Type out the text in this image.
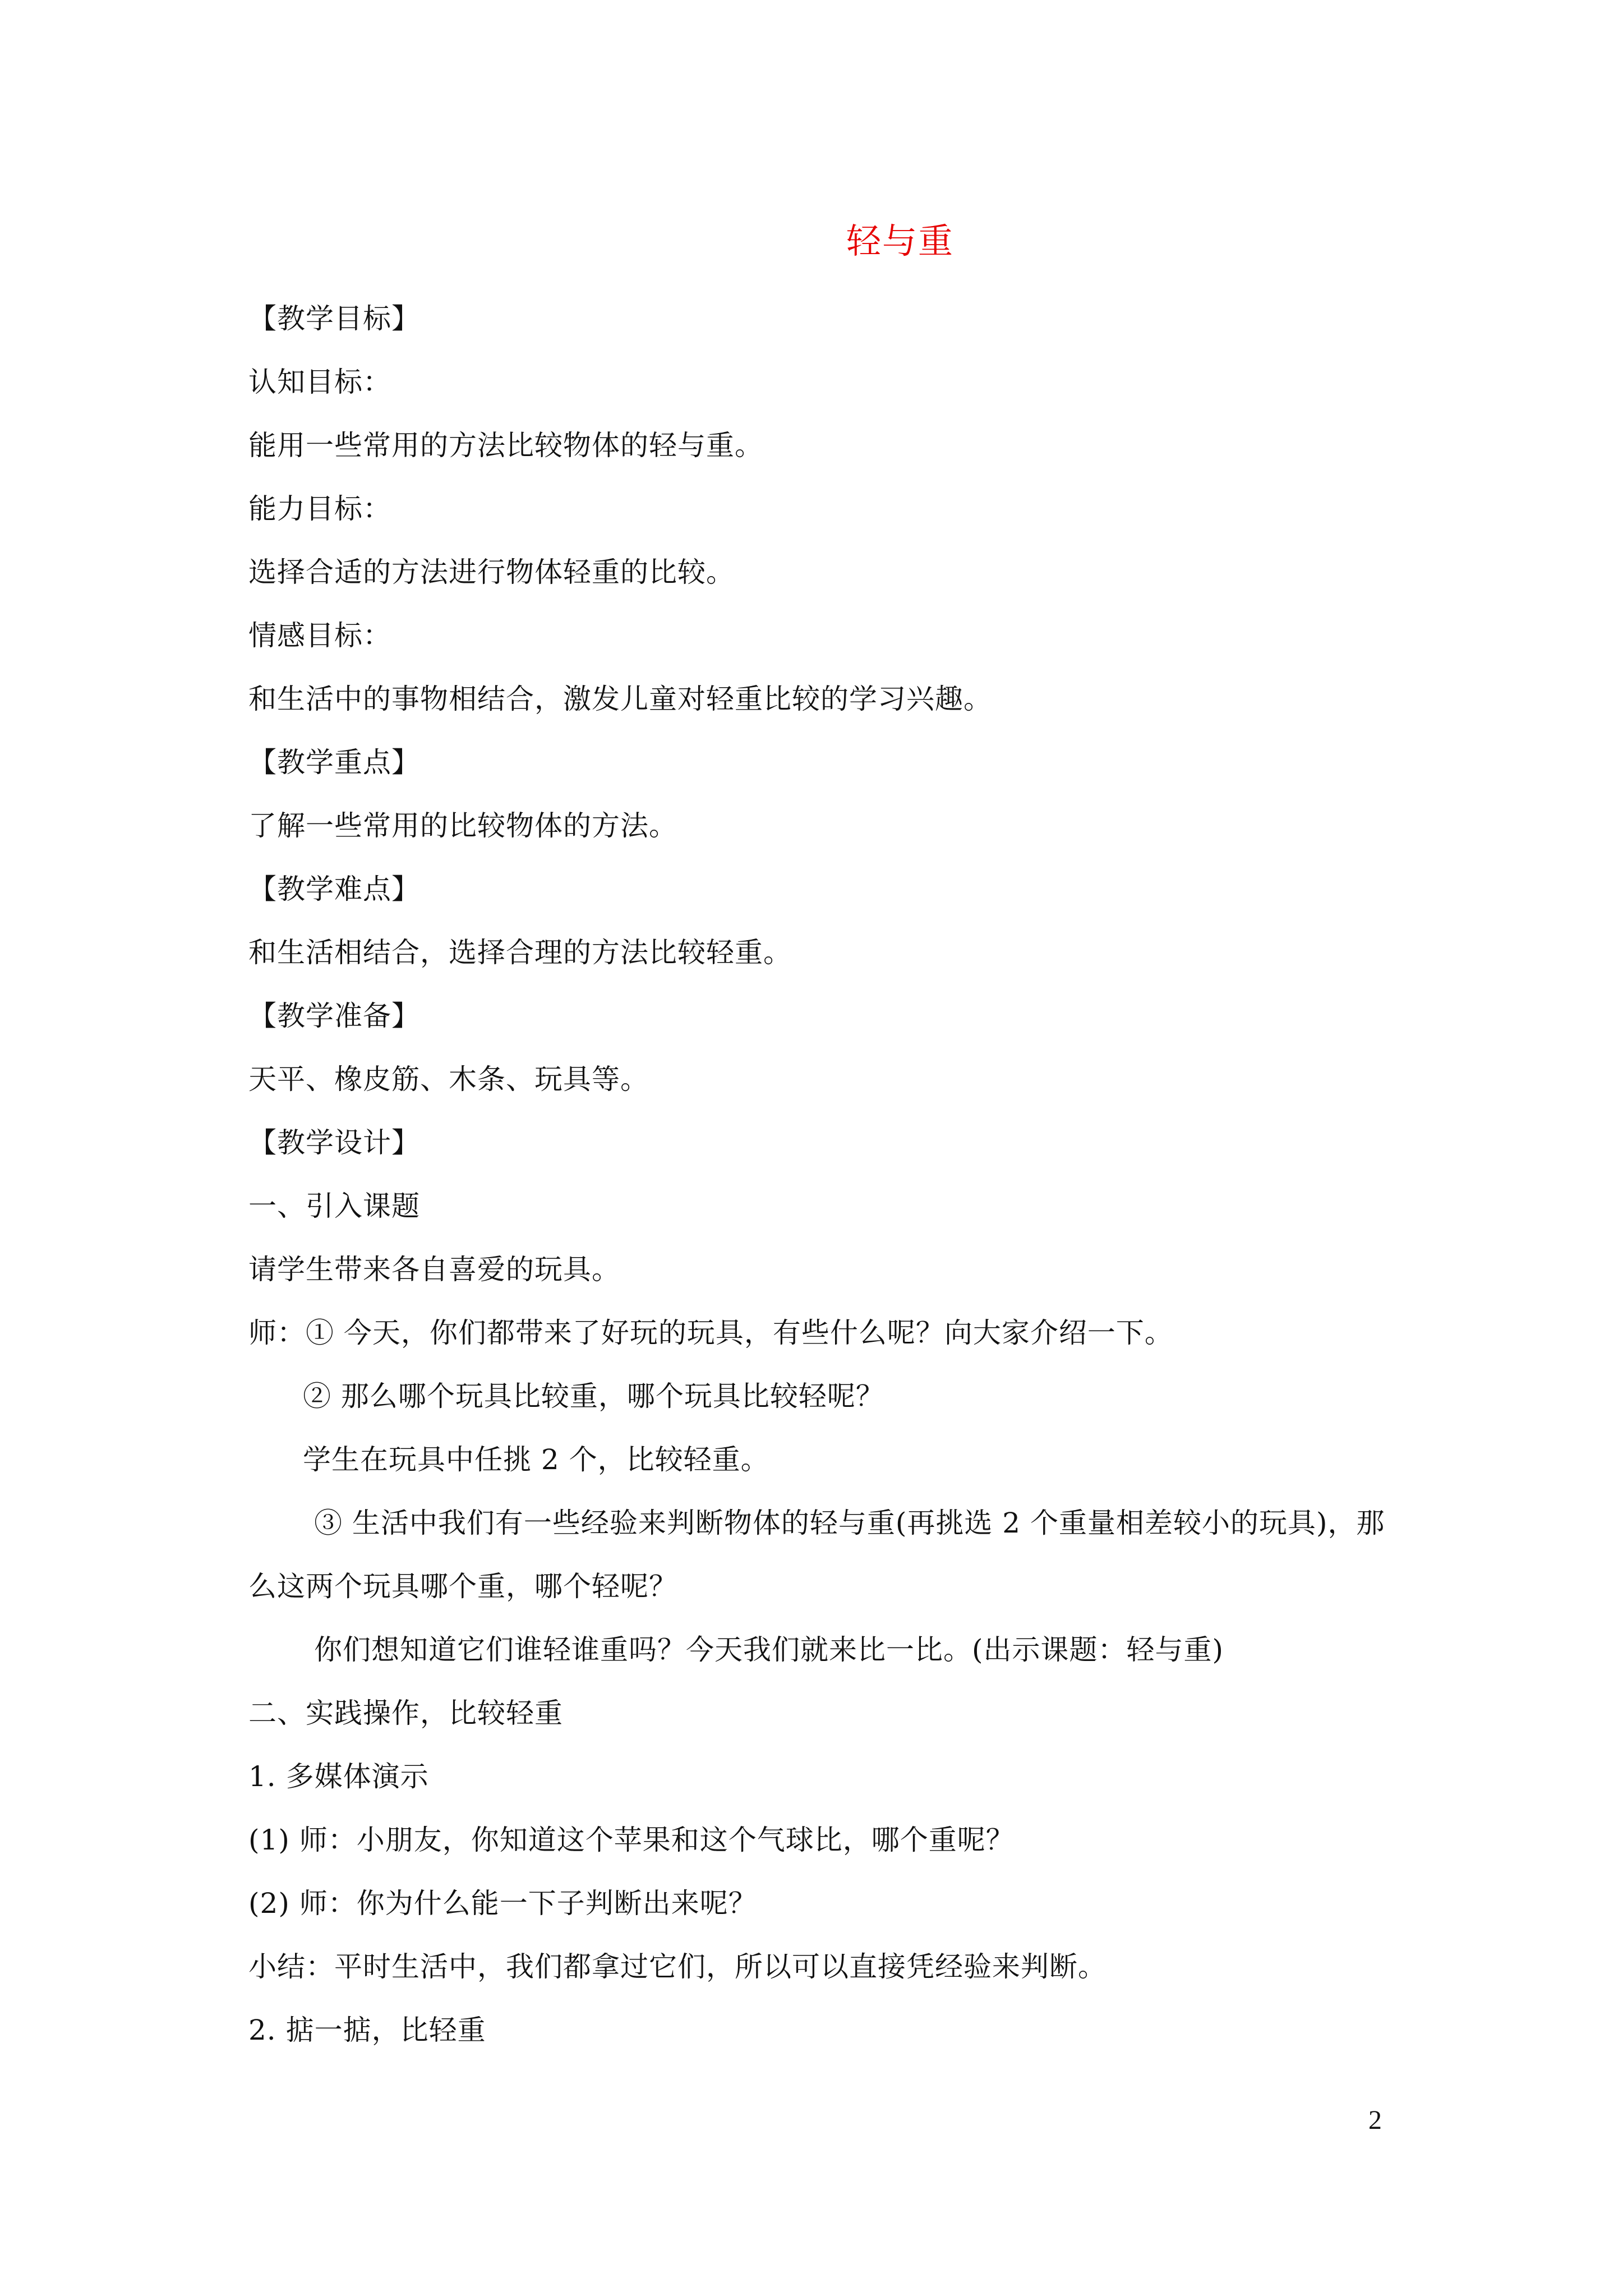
轻与重
【教学目标】
认知目标：
能用一些常用的方法比较物体的轻与重。
能力目标：
选择合适的方法进行物体轻重的比较。
情感目标：
和生活中的事物相结合，激发儿童对轻重比较的学习兴趣。
【教学重点】
了解一些常用的比较物体的方法。
【教学难点】
和生活相结合，选择合理的方法比较轻重。
【教学准备】
天平、橡皮筋、木条、玩具等。
【教学设计】
一、引入课题
请学生带来各自喜爱的玩具。
师：① 今天，你们都带来了好玩的玩具，有些什么呢？向大家介绍一下。
② 那么哪个玩具比较重，哪个玩具比较轻呢？
学生在玩具中任挑 2 个，比较轻重。
③ 生活中我们有一些经验来判断物体的轻与重(再挑选 2 个重量相差较小的玩具)，那
么这两个玩具哪个重，哪个轻呢？
你们想知道它们谁轻谁重吗？今天我们就来比一比。(出示课题：轻与重)
二、实践操作，比较轻重
1. 多媒体演示
(1) 师：小朋友，你知道这个苹果和这个气球比，哪个重呢？
(2) 师：你为什么能一下子判断出来呢？
小结：平时生活中，我们都拿过它们，所以可以直接凭经验来判断。
2. 掂一掂，比轻重
2
